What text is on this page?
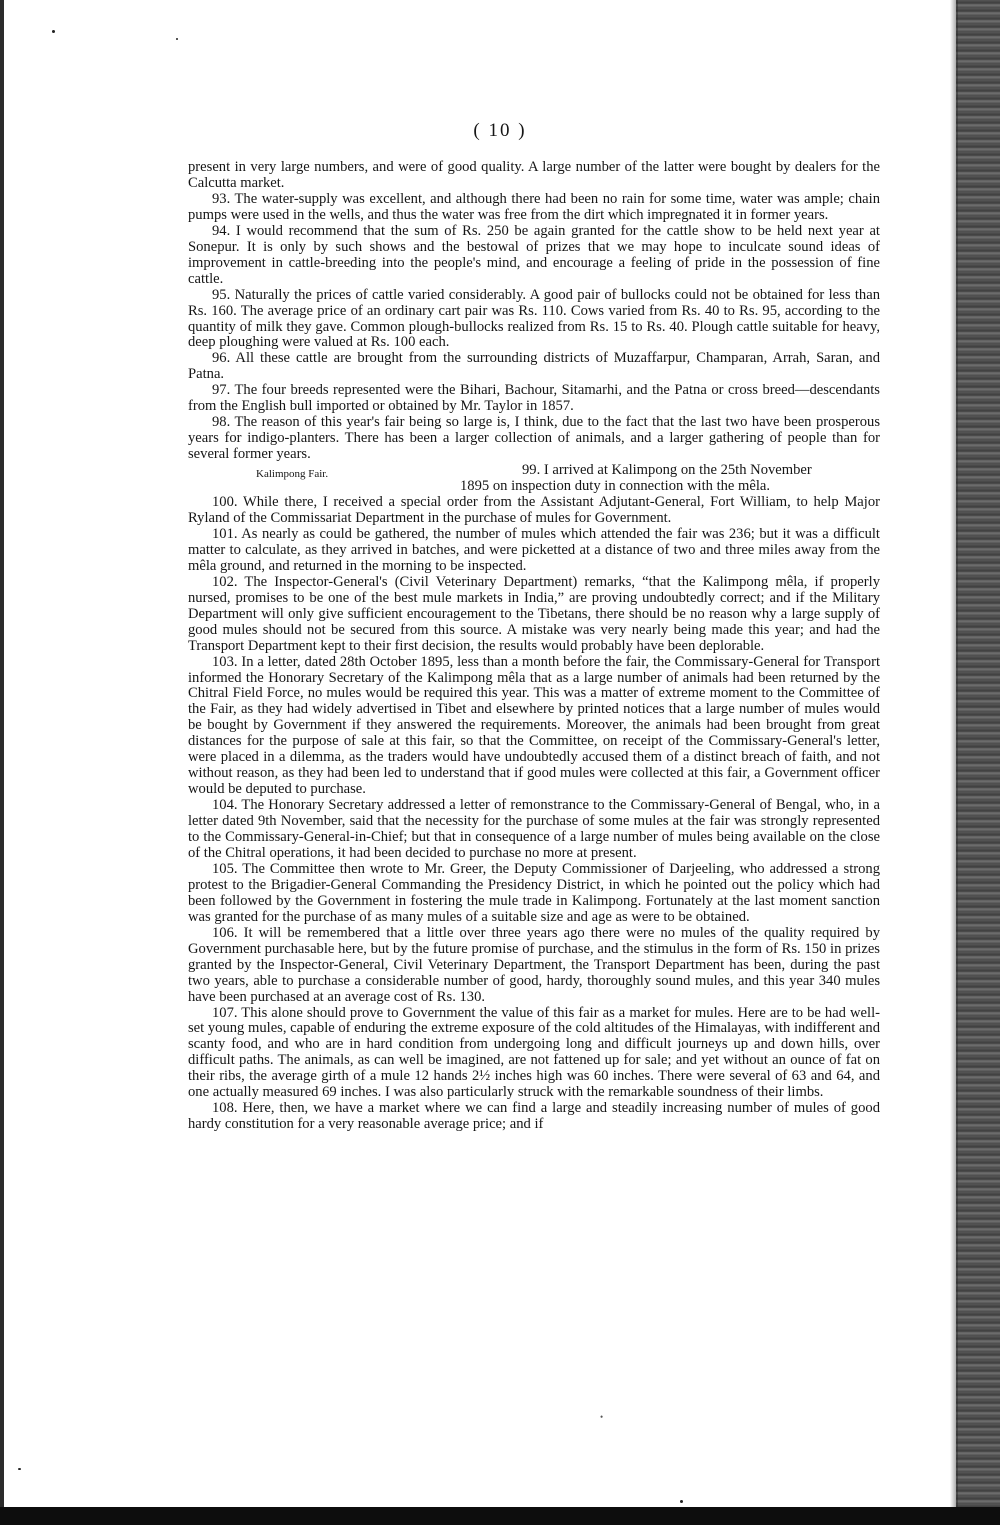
( 10 )

present in very large numbers, and were of good quality. A large number of the latter were bought by dealers for the Calcutta market.

93. The water-supply was excellent, and although there had been no rain for some time, water was ample; chain pumps were used in the wells, and thus the water was free from the dirt which impregnated it in former years.

94. I would recommend that the sum of Rs. 250 be again granted for the cattle show to be held next year at Sonepur. It is only by such shows and the bestowal of prizes that we may hope to inculcate sound ideas of improvement in cattle-breeding into the people's mind, and encourage a feeling of pride in the possession of fine cattle.

95. Naturally the prices of cattle varied considerably. A good pair of bullocks could not be obtained for less than Rs. 160. The average price of an ordinary cart pair was Rs. 110. Cows varied from Rs. 40 to Rs. 95, according to the quantity of milk they gave. Common plough-bullocks realized from Rs. 15 to Rs. 40. Plough cattle suitable for heavy, deep ploughing were valued at Rs. 100 each.

96. All these cattle are brought from the surrounding districts of Muzaffarpur, Champaran, Arrah, Saran, and Patna.

97. The four breeds represented were the Bihari, Bachour, Sitamarhi, and the Patna or cross breed—descendants from the English bull imported or obtained by Mr. Taylor in 1857.

98. The reason of this year's fair being so large is, I think, due to the fact that the last two have been prosperous years for indigo-planters. There has been a larger collection of animals, and a larger gathering of people than for several former years.

Kalimpong Fair.	99. I arrived at Kalimpong on the 25th November

1895 on inspection duty in connection with the mêla.

100. While there, I received a special order from the Assistant Adjutant-General, Fort William, to help Major Ryland of the Commissariat Department in the purchase of mules for Government.

101. As nearly as could be gathered, the number of mules which attended the fair was 236; but it was a difficult matter to calculate, as they arrived in batches, and were picketted at a distance of two and three miles away from the mêla ground, and returned in the morning to be inspected.

102. The Inspector-General's (Civil Veterinary Department) remarks, “that the Kalimpong mêla, if properly nursed, promises to be one of the best mule markets in India,” are proving undoubtedly correct; and if the Military Department will only give sufficient encouragement to the Tibetans, there should be no reason why a large supply of good mules should not be secured from this source. A mistake was very nearly being made this year; and had the Transport Department kept to their first decision, the results would probably have been deplorable.

103. In a letter, dated 28th October 1895, less than a month before the fair, the Commissary-General for Transport informed the Honorary Secretary of the Kalimpong mêla that as a large number of animals had been returned by the Chitral Field Force, no mules would be required this year. This was a matter of extreme moment to the Committee of the Fair, as they had widely advertised in Tibet and elsewhere by printed notices that a large number of mules would be bought by Government if they answered the requirements. Moreover, the animals had been brought from great distances for the purpose of sale at this fair, so that the Committee, on receipt of the Commissary-General's letter, were placed in a dilemma, as the traders would have undoubtedly accused them of a distinct breach of faith, and not without reason, as they had been led to understand that if good mules were collected at this fair, a Government officer would be deputed to purchase.

104. The Honorary Secretary addressed a letter of remonstrance to the Commissary-General of Bengal, who, in a letter dated 9th November, said that the necessity for the purchase of some mules at the fair was strongly represented to the Commissary-General-in-Chief; but that in consequence of a large number of mules being available on the close of the Chitral operations, it had been decided to purchase no more at present.

105. The Committee then wrote to Mr. Greer, the Deputy Commissioner of Darjeeling, who addressed a strong protest to the Brigadier-General Commanding the Presidency District, in which he pointed out the policy which had been followed by the Government in fostering the mule trade in Kalimpong. Fortunately at the last moment sanction was granted for the purchase of as many mules of a suitable size and age as were to be obtained.

106. It will be remembered that a little over three years ago there were no mules of the quality required by Government purchasable here, but by the future promise of purchase, and the stimulus in the form of Rs. 150 in prizes granted by the Inspector-General, Civil Veterinary Department, the Transport Department has been, during the past two years, able to purchase a considerable number of good, hardy, thoroughly sound mules, and this year 340 mules have been purchased at an average cost of Rs. 130.

107. This alone should prove to Government the value of this fair as a market for mules. Here are to be had well-set young mules, capable of enduring the extreme exposure of the cold altitudes of the Himalayas, with indifferent and scanty food, and who are in hard condition from undergoing long and difficult journeys up and down hills, over difficult paths. The animals, as can well be imagined, are not fattened up for sale; and yet without an ounce of fat on their ribs, the average girth of a mule 12 hands 2½ inches high was 60 inches. There were several of 63 and 64, and one actually measured 69 inches. I was also particularly struck with the remarkable soundness of their limbs.

108. Here, then, we have a market where we can find a large and steadily increasing number of mules of good hardy constitution for a very reasonable average price; and if

•
